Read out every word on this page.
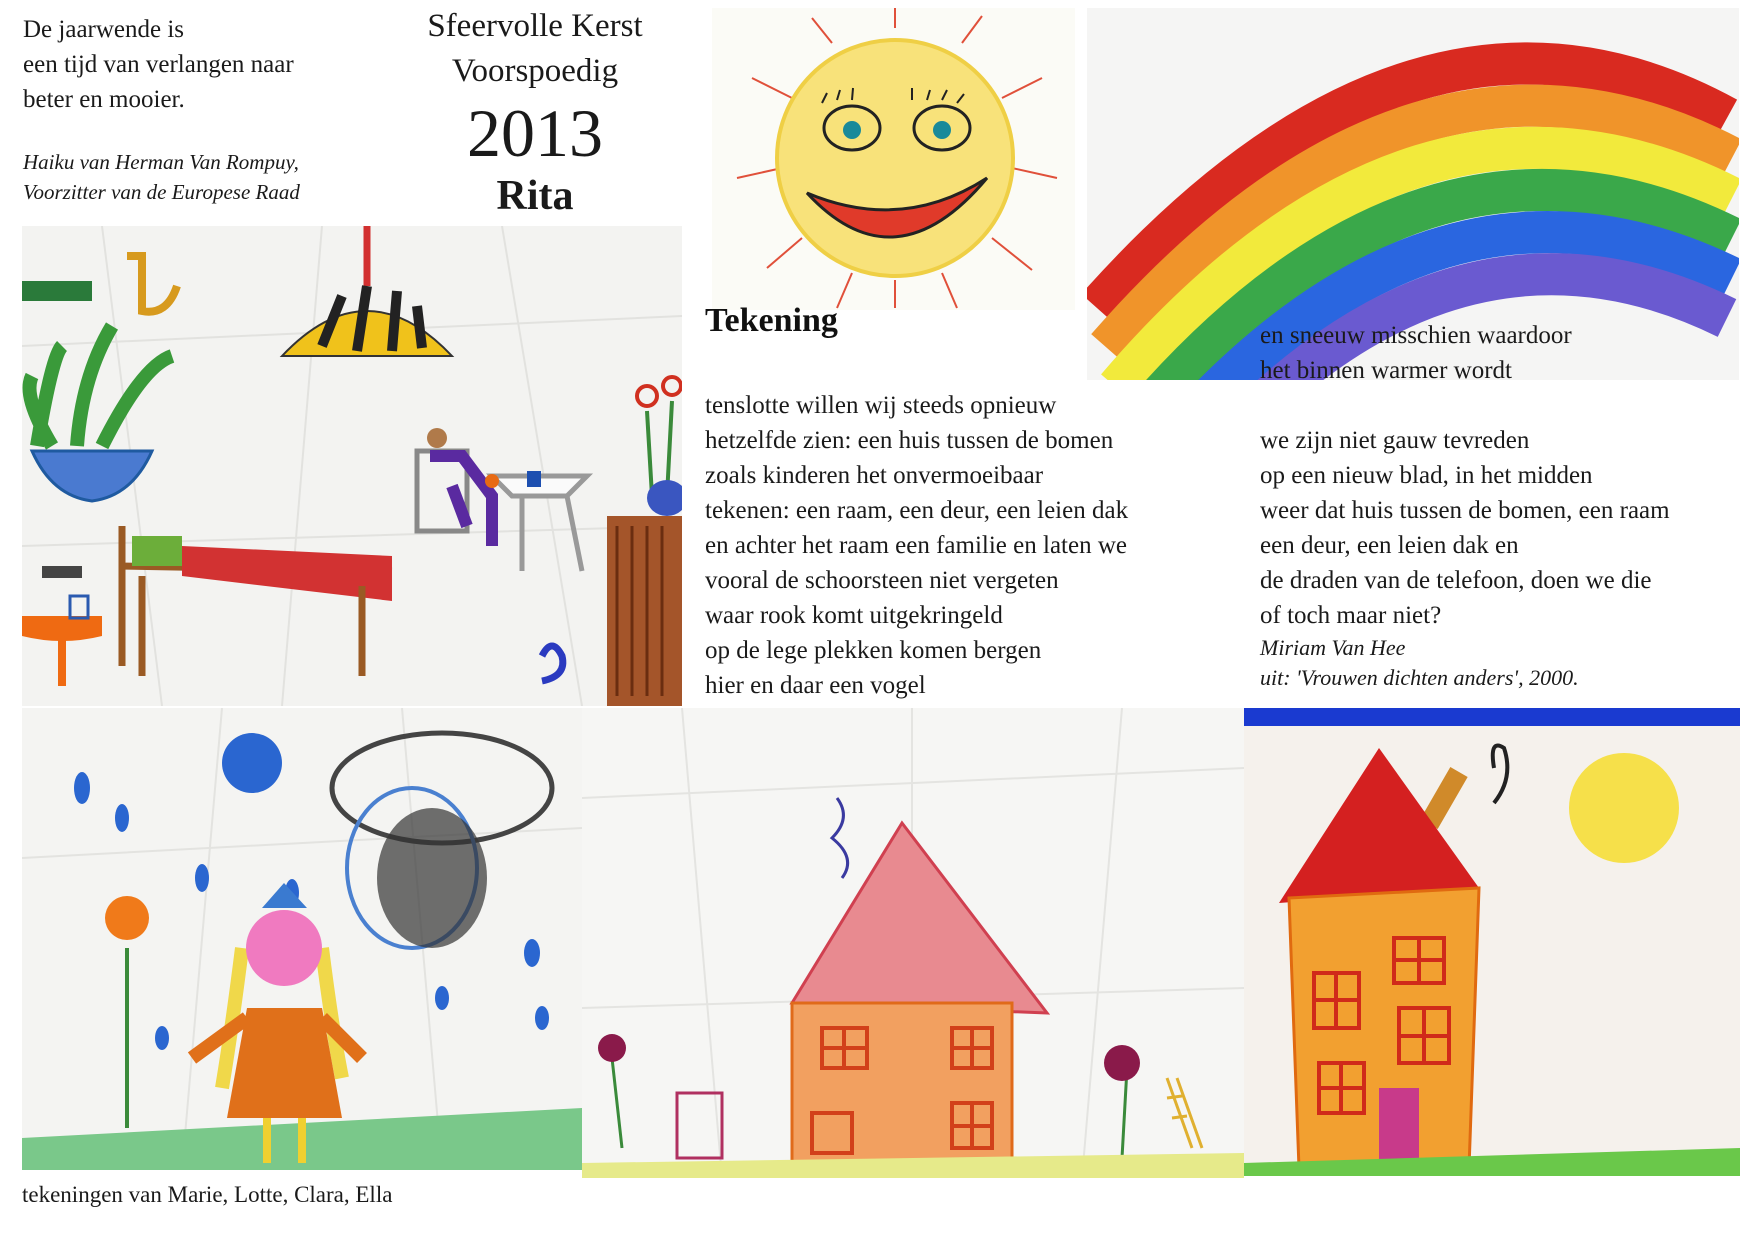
De jaarwende is
een tijd van verlangen naar
beter en mooier.
Haiku van Herman Van Rompuy,
Voorzitter van de Europese Raad
Sfeervolle Kerst
Voorspoedig
2013
Rita
Tekening	en sneeuw misschien waardoor
het binnen warmer wordt
tenslotte willen wij steeds opnieuw
hetzelfde zien: een huis tussen de bomen
zoals kinderen het onvermoeibaar
tekenen: een raam, een deur, een leien dak
en achter het raam een familie en laten we
vooral de schoorsteen niet vergeten
waar rook komt uitgekringeld
op de lege plekken komen bergen
hier en daar een vogel
we zijn niet gauw tevreden
op een nieuw blad, in het midden
weer dat huis tussen de bomen, een raam
een deur, een leien dak en
de draden van de telefoon, doen we die
of toch maar niet?
Miriam Van Hee
uit: 'Vrouwen dichten anders', 2000.
tekeningen van Marie, Lotte, Clara, Ella
